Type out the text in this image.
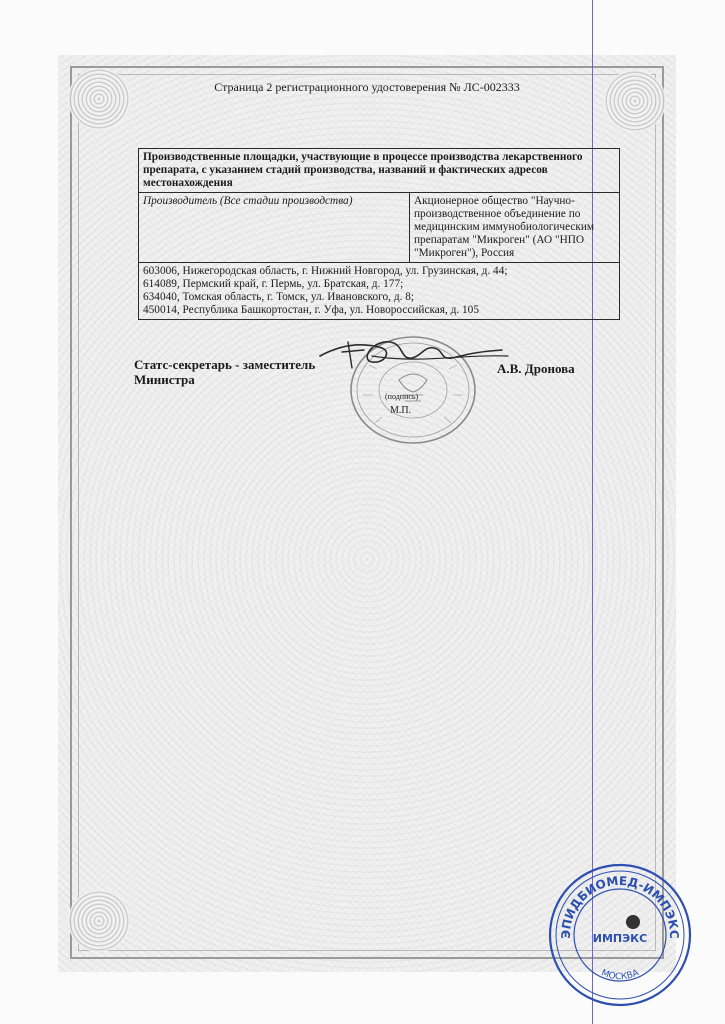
Страница 2 регистрационного удостоверения № ЛС-002333
Производственные площадки, участвующие в процессе производства лекарственного препарата, с указанием стадий производства, названий и фактических адресов местонахождения
Производитель (Все стадии производства)	Акционерное общество "Научно-производственное объединение по медицинским иммунобиологическим препаратам "Микроген" (АО "НПО "Микроген"), Россия

603006, Нижегородская область, г. Нижний Новгород, ул. Грузинская, д. 44;
614089, Пермский край, г. Пермь, ул. Братская, д. 177;
634040, Томская область, г. Томск, ул. Ивановского, д. 8;
450014, Республика Башкортостан, г. Уфа, ул. Новороссийская, д. 105
Статс-секретарь - заместитель
Министра
А.В. Дронова
(подпись)
М.П.
ЭПИДБИОМЕД-ИМПЭКС
МОСКВА
ИМПЭКС
